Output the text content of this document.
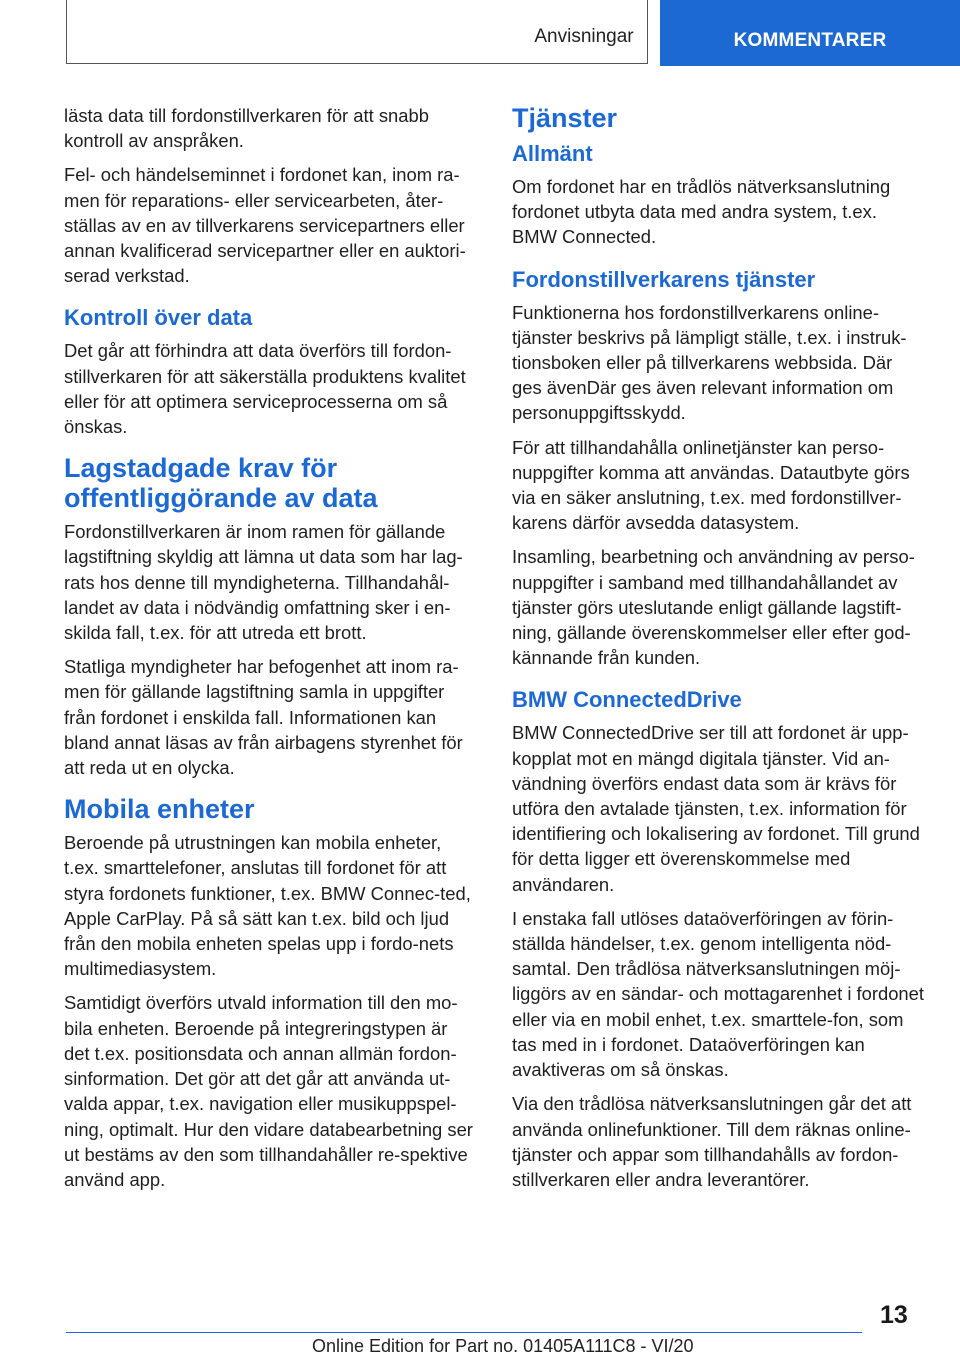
Anvisningar	KOMMENTARER

lästa data till fordonstillverkaren för att snabb kontroll av anspråken.

Fel- och händelseminnet i fordonet kan, inom ra-men för reparations- eller servicearbeten, åter-ställas av en av tillverkarens servicepartners eller annan kvalificerad servicepartner eller en auktori-serad verkstad.

Kontroll över data

Det går att förhindra att data överförs till fordon-stillverkaren för att säkerställa produktens kvalitet eller för att optimera serviceprocesserna om så önskas.

Lagstadgade krav för offentliggörande av data

Fordonstillverkaren är inom ramen för gällande lagstiftning skyldig att lämna ut data som har lag-rats hos denne till myndigheterna. Tillhandahål-landet av data i nödvändig omfattning sker i en-skilda fall, t.ex. för att utreda ett brott.

Statliga myndigheter har befogenhet att inom ra-men för gällande lagstiftning samla in uppgifter från fordonet i enskilda fall. Informationen kan bland annat läsas av från airbagens styrenhet för att reda ut en olycka.

Mobila enheter

Beroende på utrustningen kan mobila enheter, t.ex. smarttelefoner, anslutas till fordonet för att styra fordonets funktioner, t.ex. BMW Connec-ted, Apple CarPlay. På så sätt kan t.ex. bild och ljud från den mobila enheten spelas upp i fordo-nets multimediasystem.

Samtidigt överförs utvald information till den mo-bila enheten. Beroende på integreringstypen är det t.ex. positionsdata och annan allmän fordon-sinformation. Det gör att det går att använda ut-valda appar, t.ex. navigation eller musikuppspel-ning, optimalt. Hur den vidare databearbetning ser ut bestäms av den som tillhandahåller re-spektive använd app.

Tjänster
Allmänt

Om fordonet har en trådlös nätverksanslutning fordonet utbyta data med andra system, t.ex. BMW Connected.

Fordonstillverkarens tjänster

Funktionerna hos fordonstillverkarens online-tjänster beskrivs på lämpligt ställe, t.ex. i instruk-tionsboken eller på tillverkarens webbsida. Där ges ävenDär ges även relevant information om personuppgiftsskydd.

För att tillhandahålla onlinetjänster kan perso-nuppgifter komma att användas. Datautbyte görs via en säker anslutning, t.ex. med fordonstillver-karens därför avsedda datasystem.

Insamling, bearbetning och användning av perso-nuppgifter i samband med tillhandahållandet av tjänster görs uteslutande enligt gällande lagstift-ning, gällande överenskommelser eller efter god-kännande från kunden.

BMW ConnectedDrive

BMW ConnectedDrive ser till att fordonet är upp-kopplat mot en mängd digitala tjänster. Vid an-vändning överförs endast data som är krävs för utföra den avtalade tjänsten, t.ex. information för identifiering och lokalisering av fordonet. Till grund för detta ligger ett överenskommelse med användaren.

I enstaka fall utlöses dataöverföringen av förin-ställda händelser, t.ex. genom intelligenta nöd-samtal. Den trådlösa nätverksanslutningen möj-liggörs av en sändar- och mottagarenhet i fordonet eller via en mobil enhet, t.ex. smarttele-fon, som tas med in i fordonet. Dataöverföringen kan avaktiveras om så önskas.

Via den trådlösa nätverksanslutningen går det att använda onlinefunktioner. Till dem räknas online-tjänster och appar som tillhandahålls av fordon-stillverkaren eller andra leverantörer.

13
Online Edition for Part no. 01405A111C8 - VI/20
